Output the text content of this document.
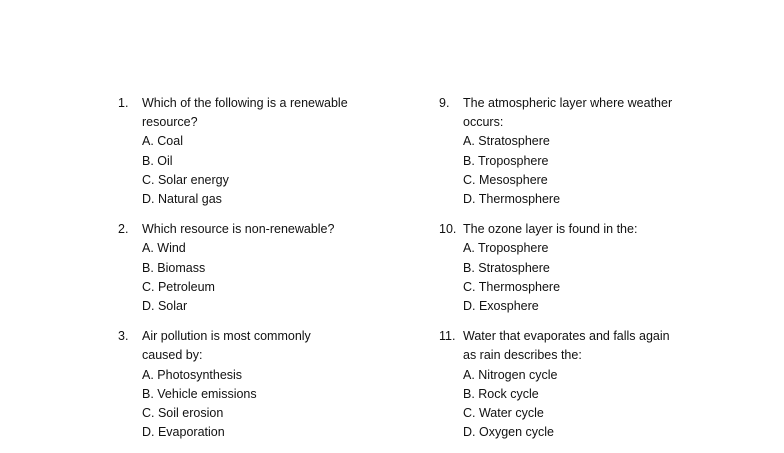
1. Which of the following is a renewable
resource?
A. Coal
B. Oil
C. Solar energy
D. Natural gas
2. Which resource is non-renewable?
A. Wind
B. Biomass
C. Petroleum
D. Solar
3. Air pollution is most commonly
caused by:
A. Photosynthesis
B. Vehicle emissions
C. Soil erosion
D. Evaporation
9. The atmospheric layer where weather
occurs:
A. Stratosphere
B. Troposphere
C. Mesosphere
D. Thermosphere
10. The ozone layer is found in the:
A. Troposphere
B. Stratosphere
C. Thermosphere
D. Exosphere
11. Water that evaporates and falls again
as rain describes the:
A. Nitrogen cycle
B. Rock cycle
C. Water cycle
D. Oxygen cycle
